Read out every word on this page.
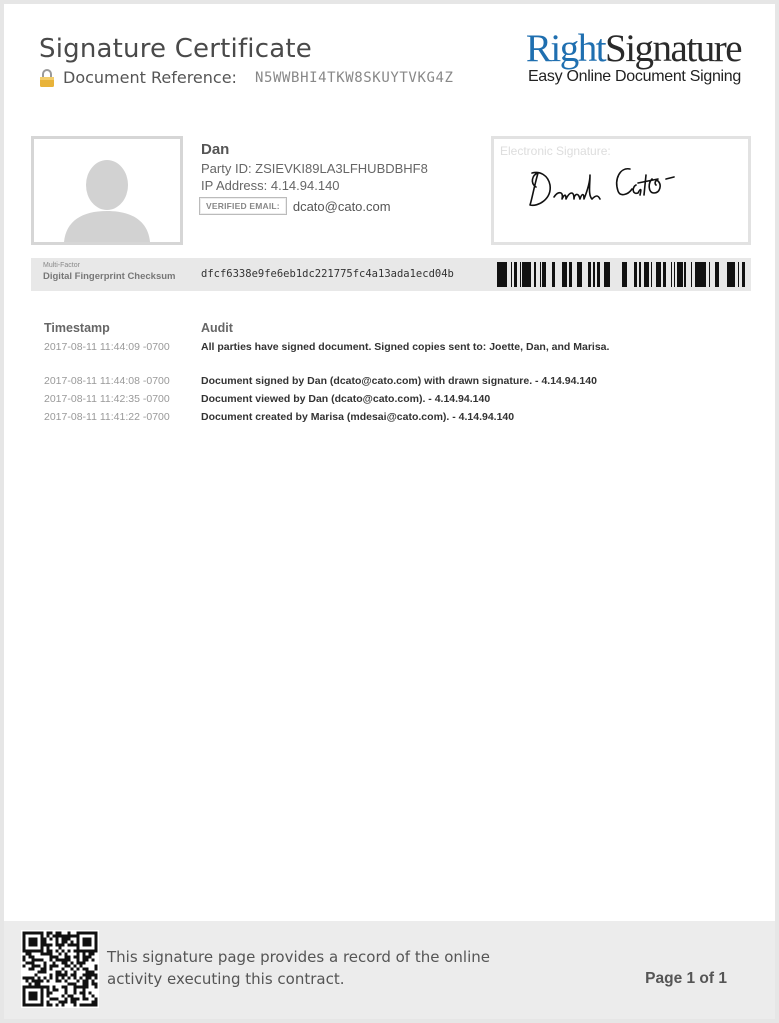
Signature Certificate
Document Reference: N5WWBHI4TKW8SKUYTVKG4Z
RightSignature
Easy Online Document Signing
Dan
Party ID: ZSIEVKI89LA3LFHUBDBHF8
IP Address: 4.14.94.140
VERIFIED EMAIL:	dcato@cato.com
Electronic Signature:
Multi-Factor
Digital Fingerprint Checksum dfcf6338e9fe6eb1dc221775fc4a13ada1ecd04b
Timestamp	Audit
2017-08-11 11:44:09 -0700	All parties have signed document. Signed copies sent to: Joette, Dan, and Marisa.
2017-08-11 11:44:08 -0700	Document signed by Dan (dcato@cato.com) with drawn signature. - 4.14.94.140
2017-08-11 11:42:35 -0700	Document viewed by Dan (dcato@cato.com). - 4.14.94.140
2017-08-11 11:41:22 -0700	Document created by Marisa (mdesai@cato.com). - 4.14.94.140
This signature page provides a record of the online activity executing this contract.	Page 1 of 1
